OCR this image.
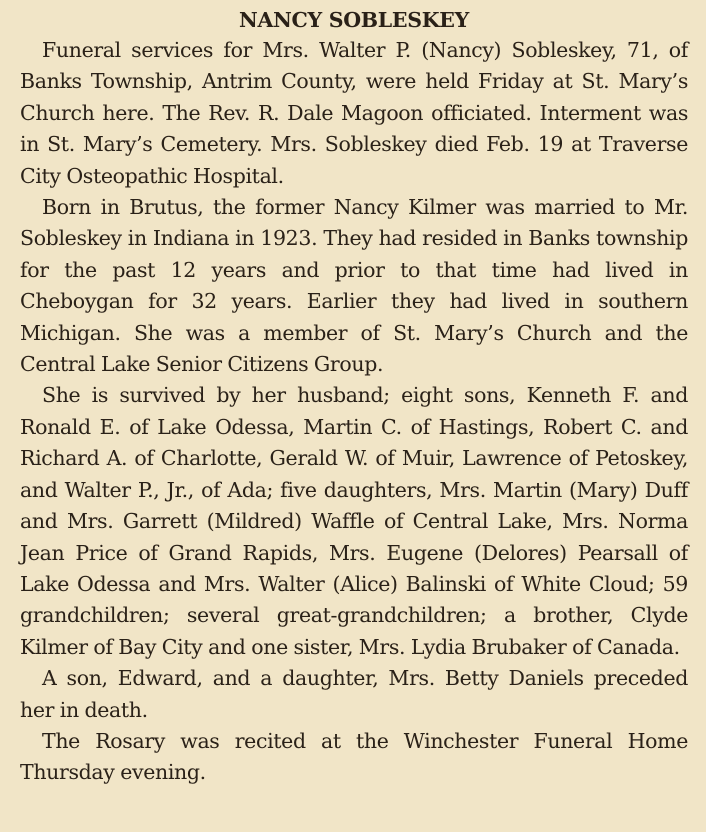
NANCY SOBLESKEY

Funeral services for Mrs. Walter P. (Nancy) Sobleskey, 71, of Banks Township, Antrim County, were held Friday at St. Mary’s Church here. The Rev. R. Dale Magoon officiated. Interment was in St. Mary’s Cemetery. Mrs. Sobleskey died Feb. 19 at Traverse City Osteopathic Hospital.

Born in Brutus, the former Nancy Kilmer was married to Mr. Sobleskey in Indiana in 1923. They had resided in Banks township for the past 12 years and prior to that time had lived in Cheboygan for 32 years. Earlier they had lived in southern Michigan. She was a member of St. Mary’s Church and the Central Lake Senior Citizens Group.

She is survived by her husband; eight sons, Kenneth F. and Ronald E. of Lake Odessa, Martin C. of Hastings, Robert C. and Richard A. of Charlotte, Gerald W. of Muir, Lawrence of Petoskey, and Walter P., Jr., of Ada; five daughters, Mrs. Martin (Mary) Duff and Mrs. Garrett (Mildred) Waffle of Central Lake, Mrs. Norma Jean Price of Grand Rapids, Mrs. Eugene (Delores) Pearsall of Lake Odessa and Mrs. Walter (Alice) Balinski of White Cloud; 59 grandchildren; several great-grandchildren; a brother, Clyde Kilmer of Bay City and one sister, Mrs. Lydia Brubaker of Canada.

A son, Edward, and a daughter, Mrs. Betty Daniels preceded her in death.

The Rosary was recited at the Winchester Funeral Home Thursday evening.
